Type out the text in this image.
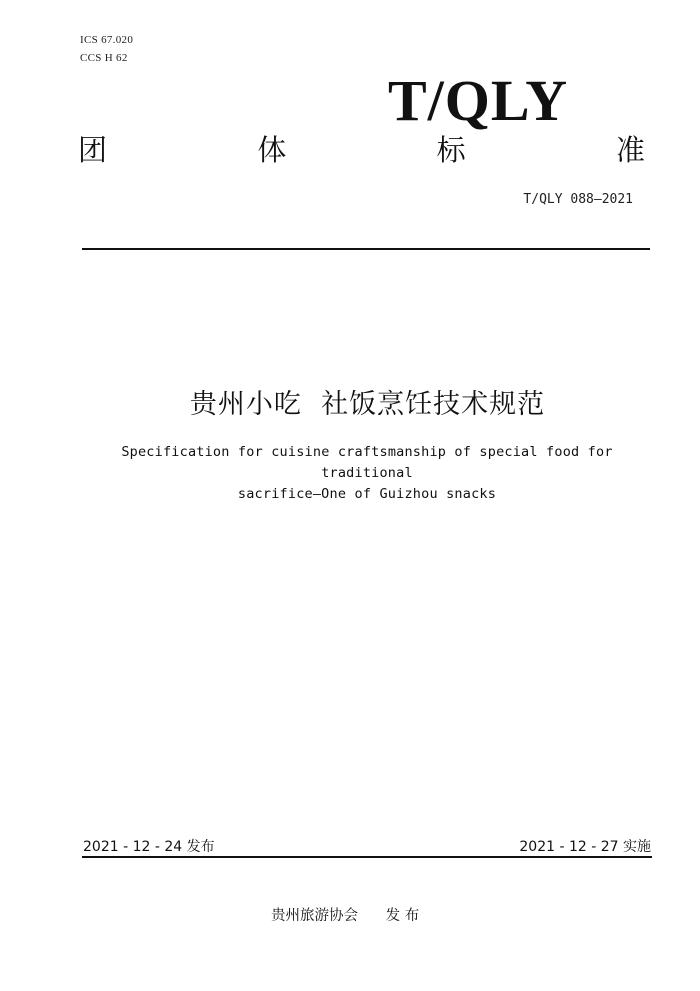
ICS 67.020
CCS H 62
T/QLY
团	体	标	准
T/QLY 088—2021
贵州小吃  社饭烹饪技术规范
Specification for cuisine craftsmanship of special food for traditional
sacrifice—One of Guizhou snacks
2021 - 12 - 24 发布	2021 - 12 - 27 实施
贵州旅游协会      发 布
